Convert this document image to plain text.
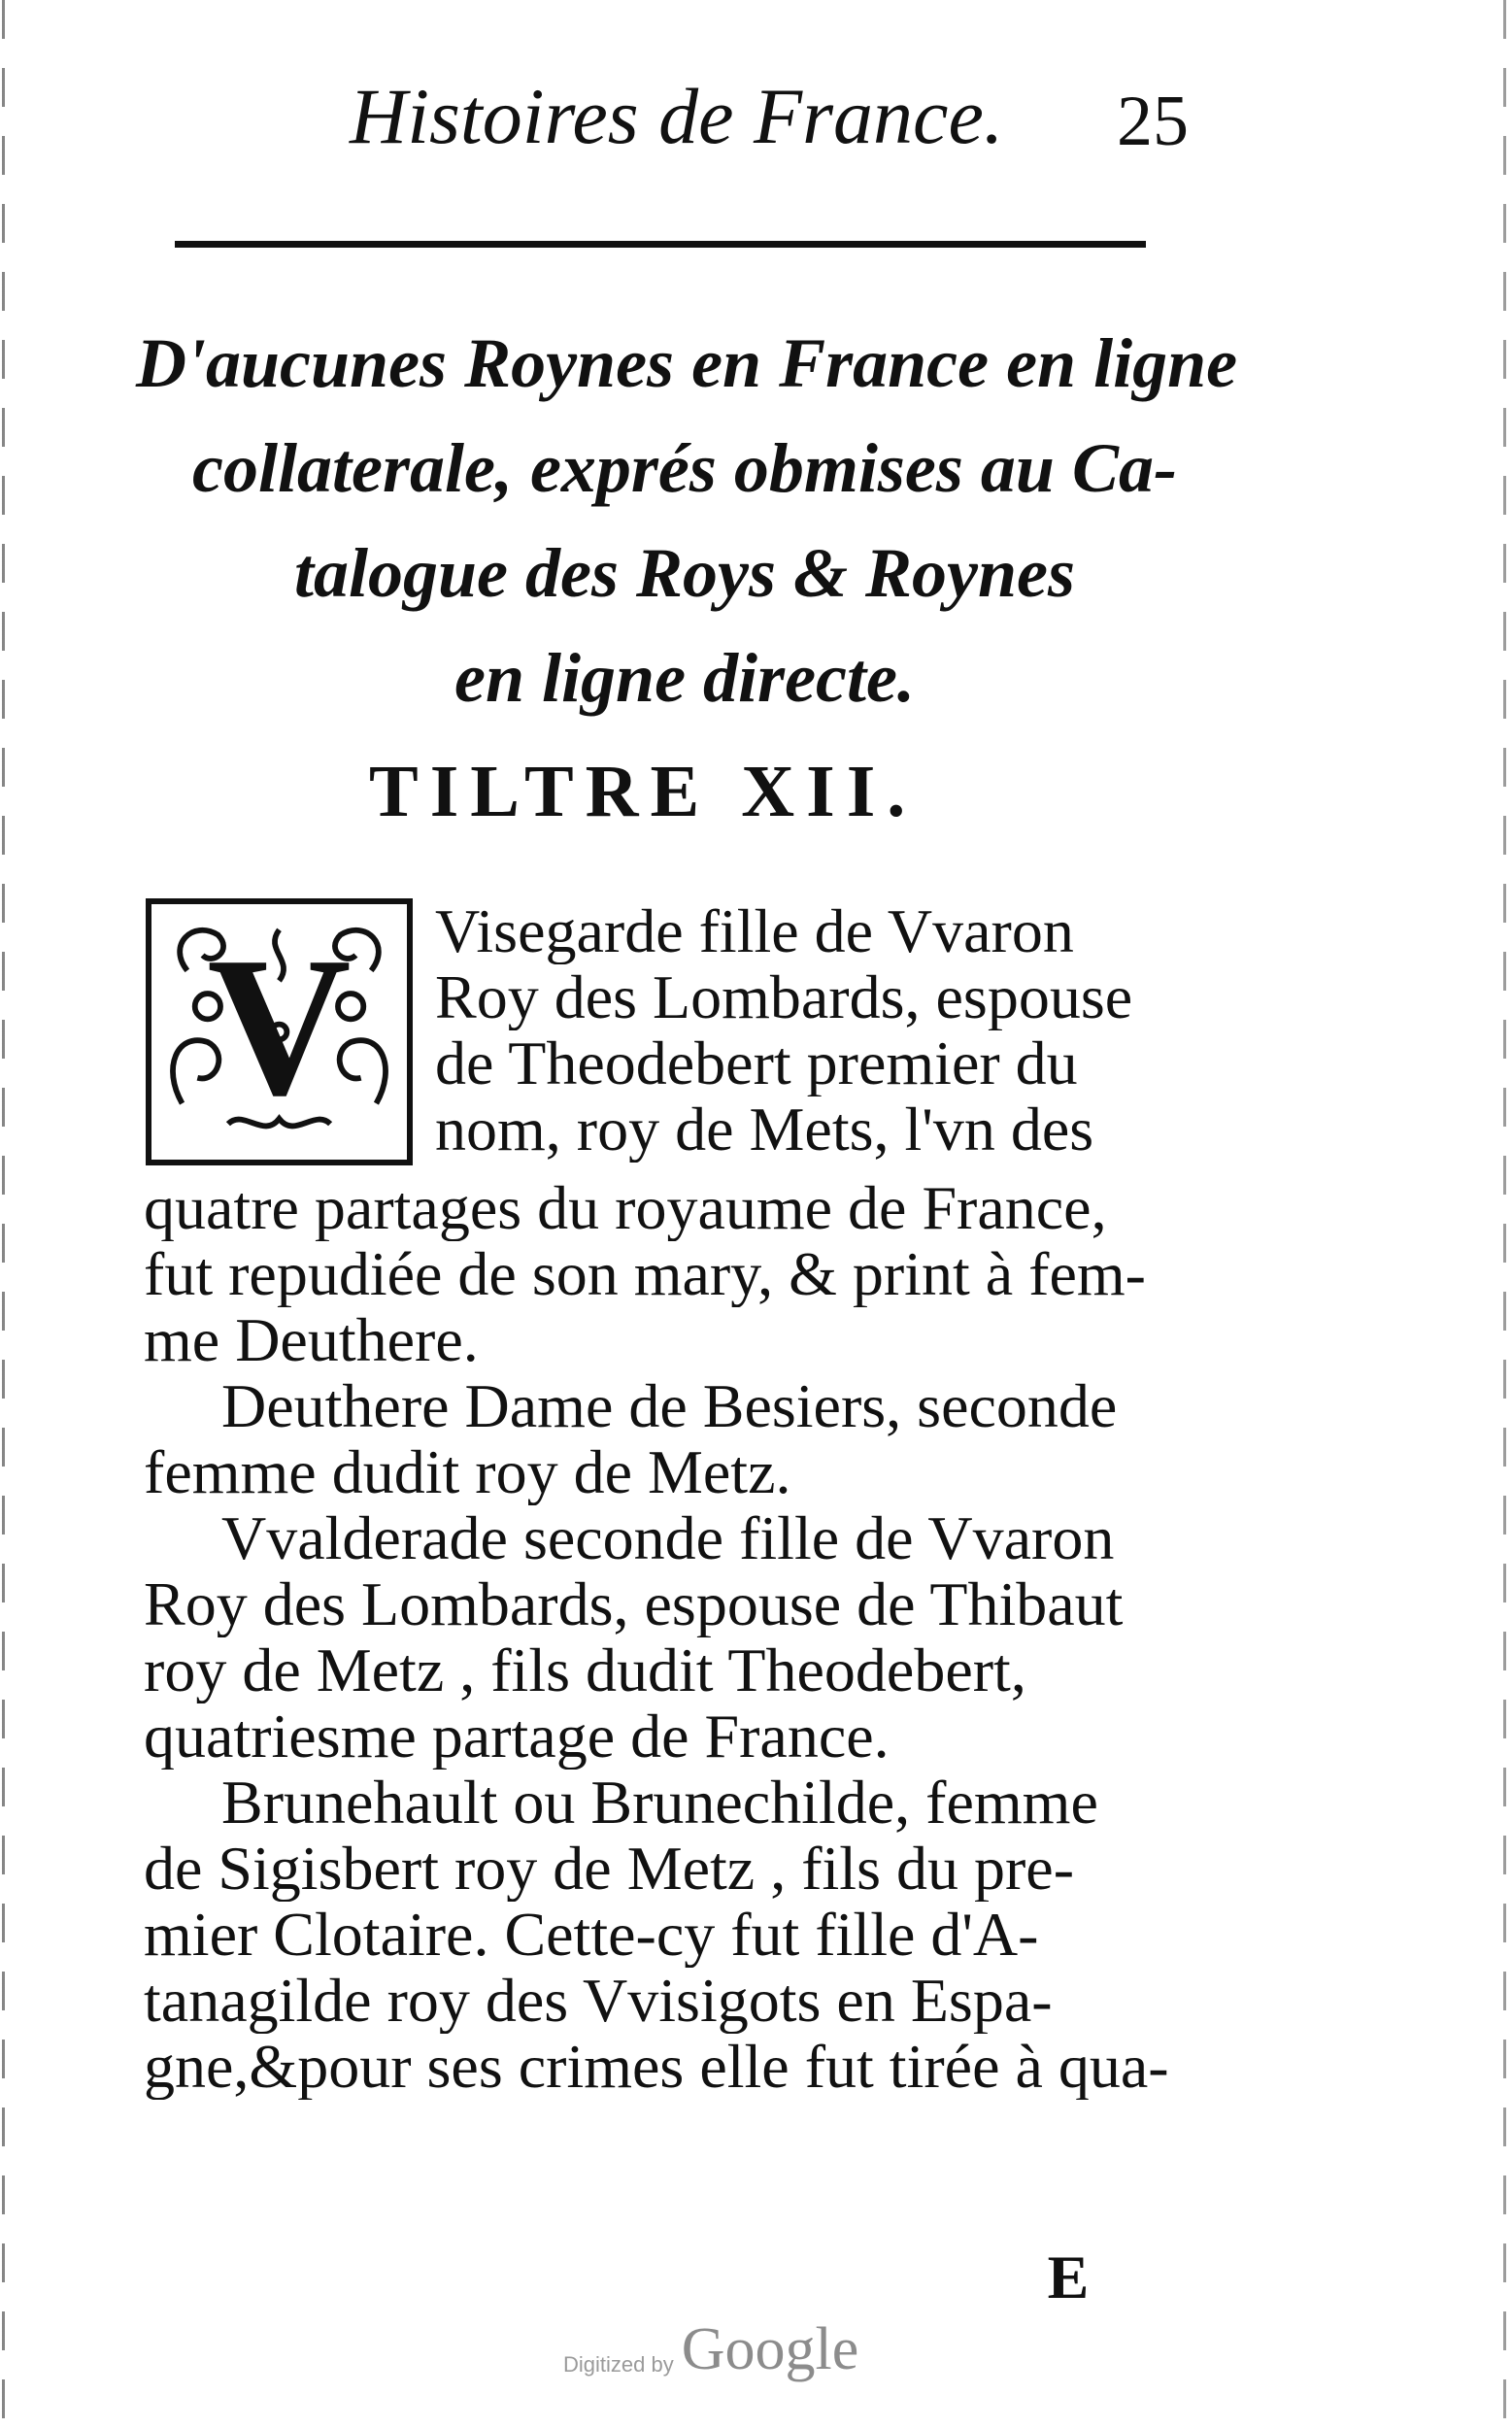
Histoires de France.	25
D'aucunes Roynes en France en ligne
collaterale, exprés obmises au Ca-
talogue des Roys & Roynes
en ligne directe.
TILTRE XII.
V	Visegarde fille de Vvaron
Roy des Lombards, espouse
de Theodebert premier du
nom, roy de Mets, l'vn des
quatre partages du royaume de France,
fut repudiée de son mary, & print à fem-
me Deuthere.
Deuthere Dame de Besiers, seconde
femme dudit roy de Metz.
Vvalderade seconde fille de Vvaron
Roy des Lombards, espouse de Thibaut
roy de Metz , fils dudit Theodebert,
quatriesme partage de France.
Brunehault ou Brunechilde, femme
de Sigisbert roy de Metz , fils du pre-
mier Clotaire. Cette-cy fut fille d'A-
tanagilde roy des Vvisigots en Espa-
gne,&pour ses crimes elle fut tirée à qua-
E
Digitized by Google
